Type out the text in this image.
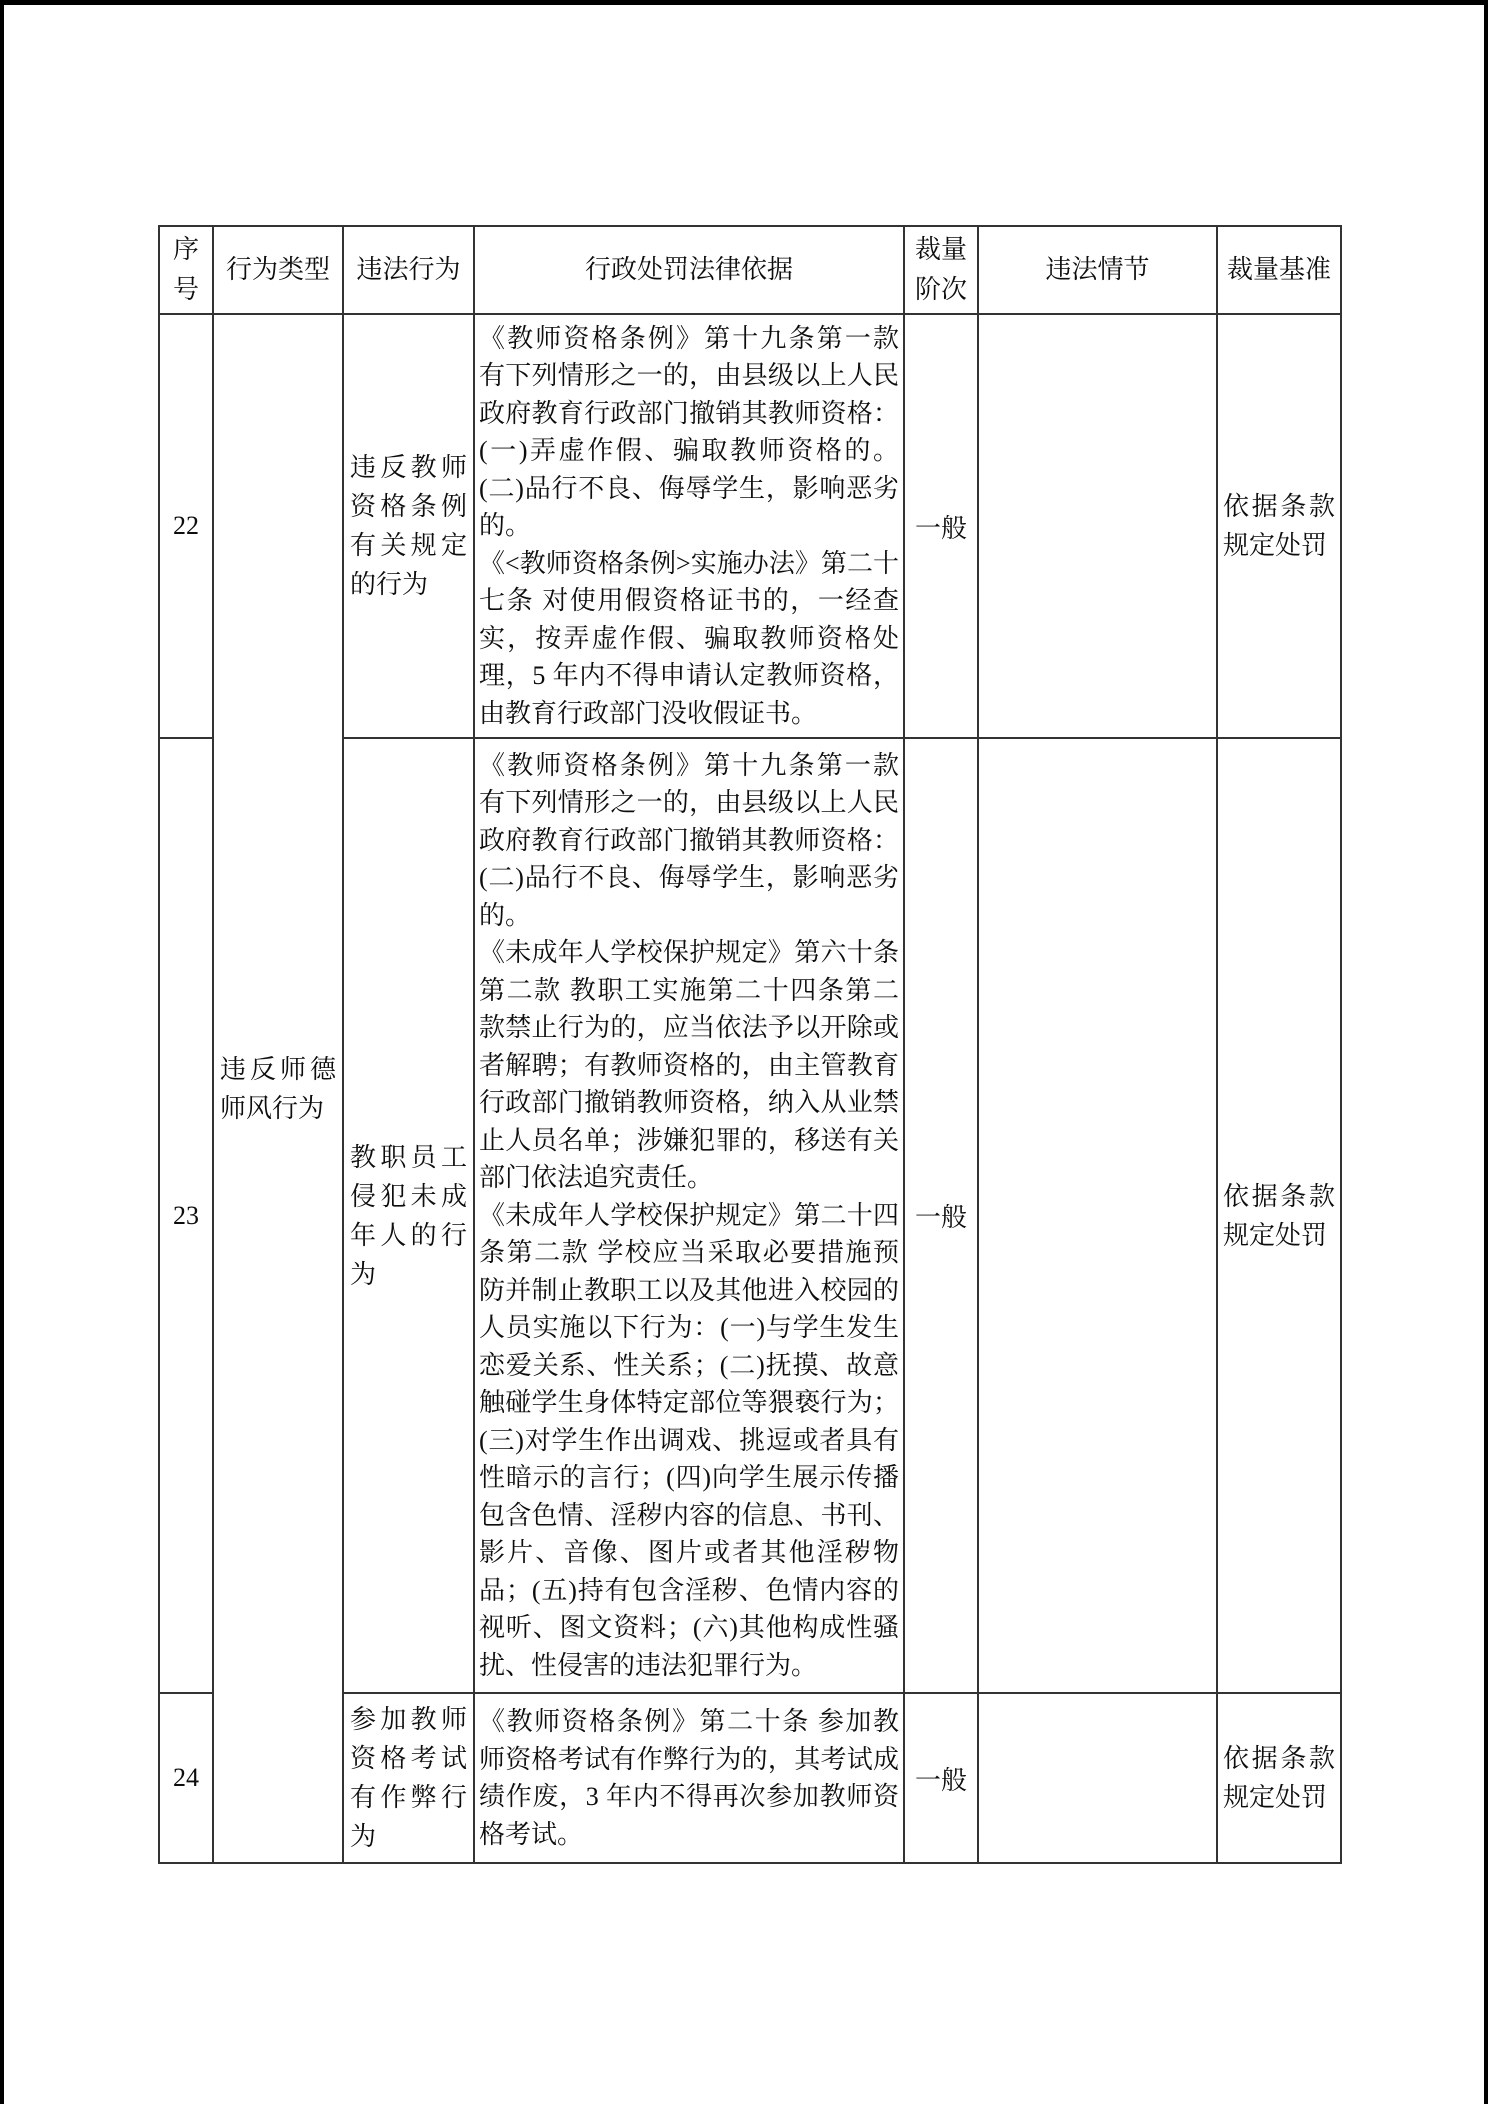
序号	行为类型	违法行为	行政处罚法律依据	裁量阶次	违法情节	裁量基准
22	违反师德师风行为	违反教师资格条例有关规定的行为	《教师资格条例》第十九条第一款 有下列情形之一的，由县级以上人民政府教育行政部门撤销其教师资格：(一)弄虚作假、骗取教师资格的。(二)品行不良、侮辱学生，影响恶劣的。

《<教师资格条例>实施办法》第二十七条 对使用假资格证书的，一经查实，按弄虚作假、骗取教师资格处理，5 年内不得申请认定教师资格，由教育行政部门没收假证书。	一般		依据条款规定处罚
23		教职员工侵犯未成年人的行为	《教师资格条例》第十九条第一款 有下列情形之一的，由县级以上人民政府教育行政部门撤销其教师资格：(二)品行不良、侮辱学生，影响恶劣的。

《未成年人学校保护规定》第六十条第二款 教职工实施第二十四条第二款禁止行为的，应当依法予以开除或者解聘；有教师资格的，由主管教育行政部门撤销教师资格，纳入从业禁止人员名单；涉嫌犯罪的，移送有关部门依法追究责任。

《未成年人学校保护规定》第二十四条第二款 学校应当采取必要措施预防并制止教职工以及其他进入校园的人员实施以下行为：(一)与学生发生恋爱关系、性关系；(二)抚摸、故意触碰学生身体特定部位等猥亵行为；(三)对学生作出调戏、挑逗或者具有性暗示的言行；(四)向学生展示传播包含色情、淫秽内容的信息、书刊、影片、音像、图片或者其他淫秽物品；(五)持有包含淫秽、色情内容的视听、图文资料；(六)其他构成性骚扰、性侵害的违法犯罪行为。	一般		依据条款规定处罚
24		参加教师资格考试有作弊行为	《教师资格条例》第二十条 参加教师资格考试有作弊行为的，其考试成绩作废，3 年内不得再次参加教师资格考试。	一般		依据条款规定处罚
